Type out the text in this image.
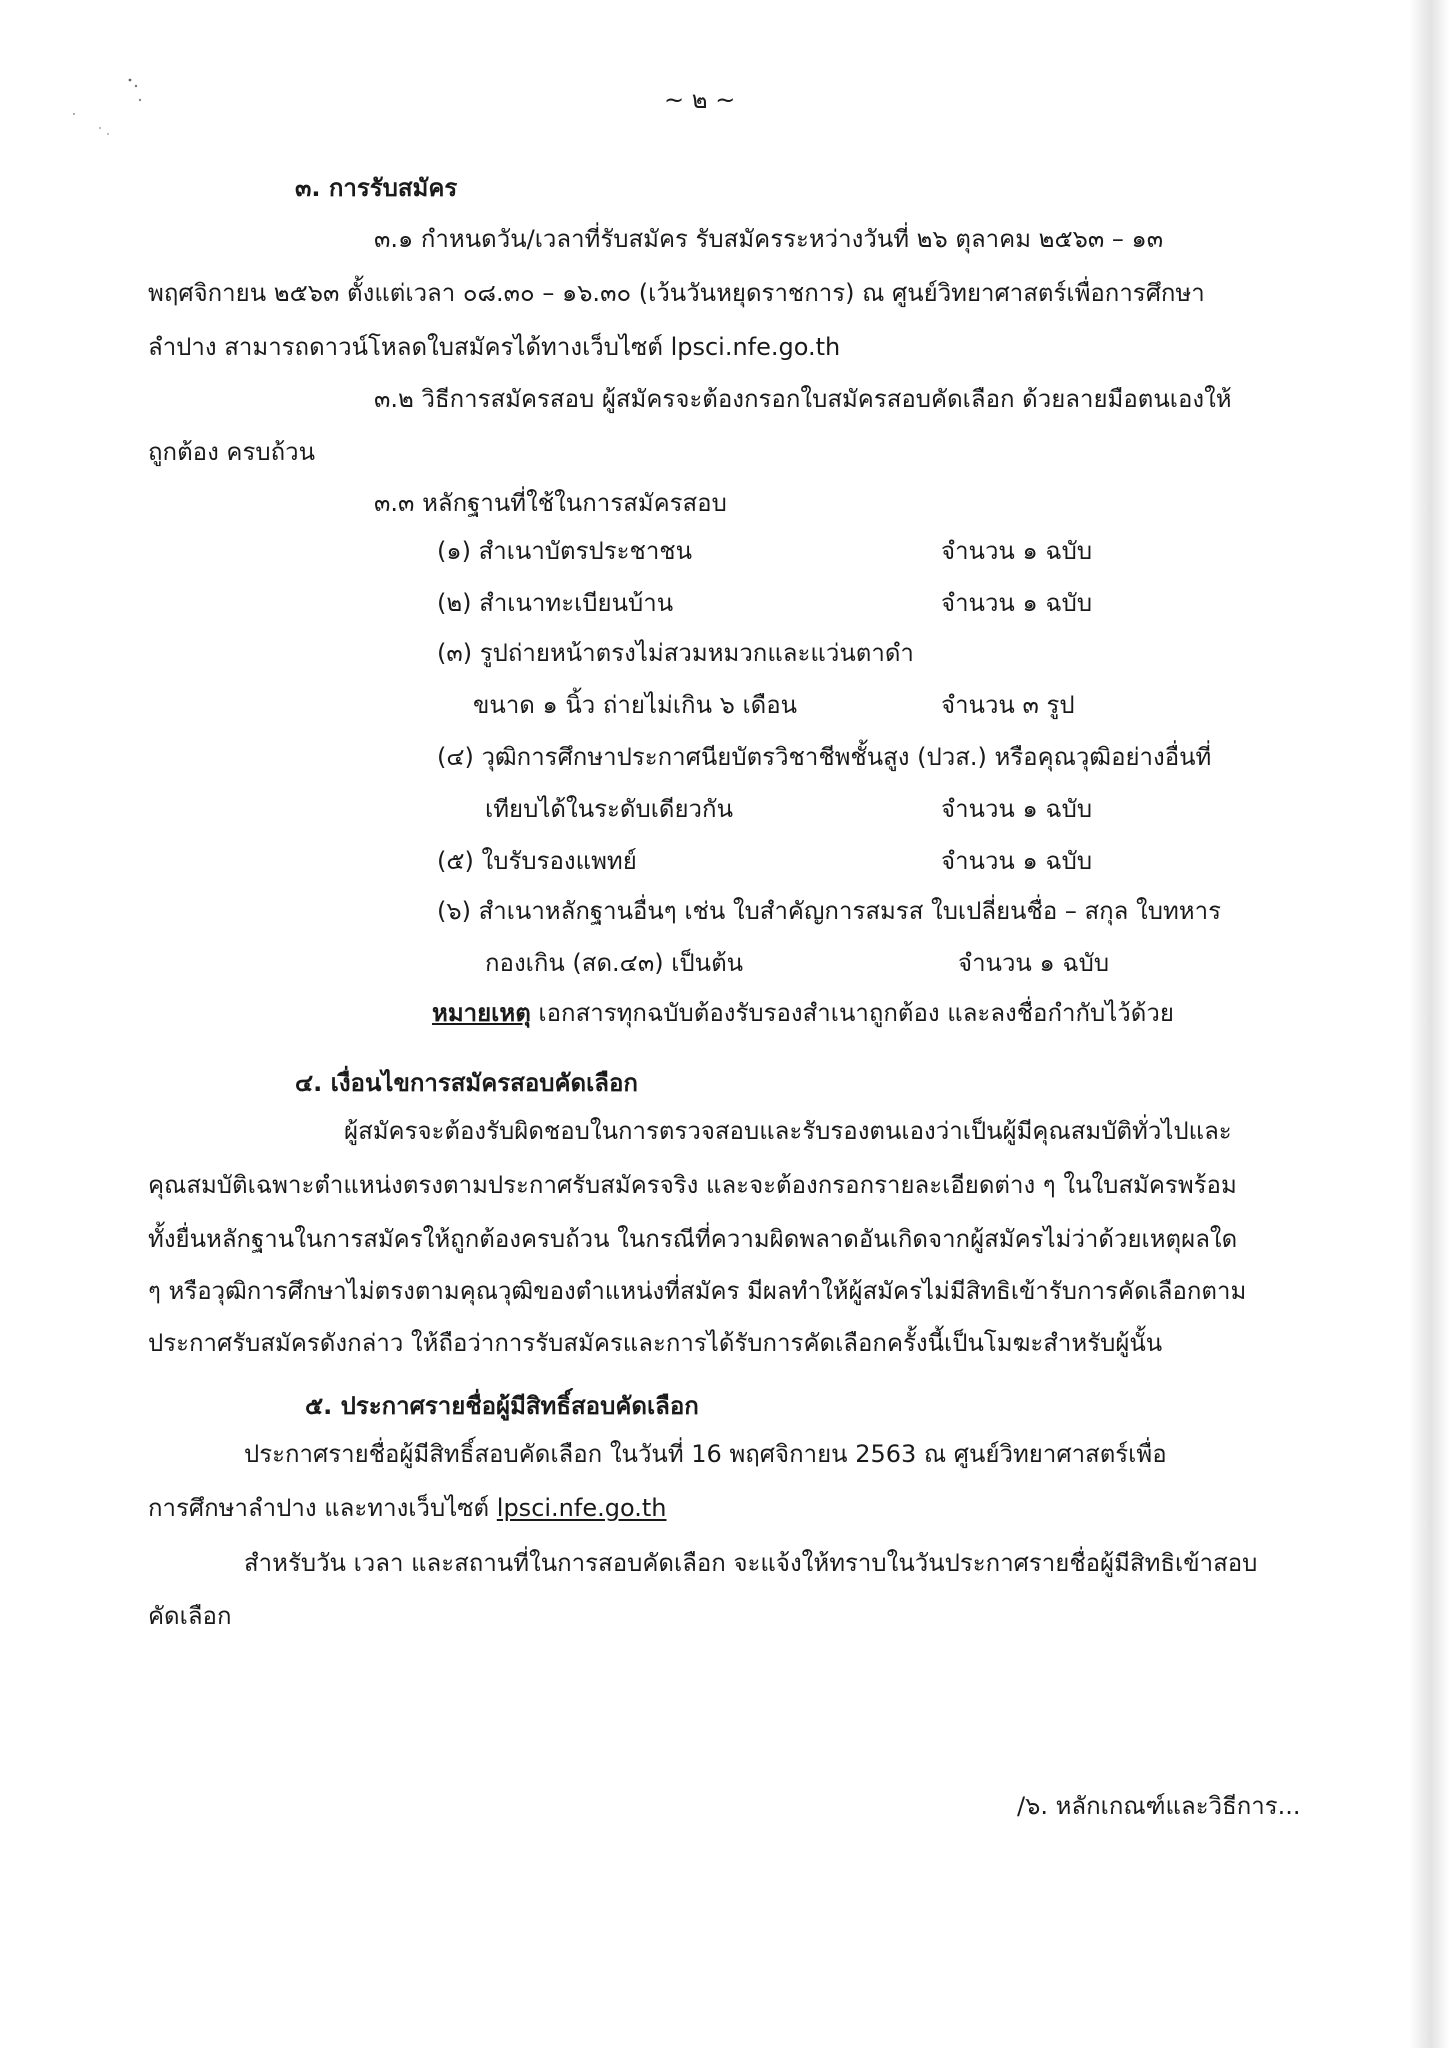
~ ๒ ~
๓. การรับสมัคร
๓.๑ กำหนดวัน/เวลาที่รับสมัคร รับสมัครระหว่างวันที่ ๒๖ ตุลาคม ๒๕๖๓ – ๑๓
พฤศจิกายน ๒๕๖๓ ตั้งแต่เวลา ๐๘.๓๐ – ๑๖.๓๐ (เว้นวันหยุดราชการ) ณ ศูนย์วิทยาศาสตร์เพื่อการศึกษา
ลำปาง สามารถดาวน์โหลดใบสมัครได้ทางเว็บไซต์ lpsci.nfe.go.th
๓.๒ วิธีการสมัครสอบ ผู้สมัครจะต้องกรอกใบสมัครสอบคัดเลือก ด้วยลายมือตนเองให้
ถูกต้อง ครบถ้วน
๓.๓ หลักฐานที่ใช้ในการสมัครสอบ
(๑) สำเนาบัตรประชาชน	จำนวน ๑ ฉบับ
(๒) สำเนาทะเบียนบ้าน	จำนวน ๑ ฉบับ
(๓) รูปถ่ายหน้าตรงไม่สวมหมวกและแว่นตาดำ
ขนาด ๑ นิ้ว ถ่ายไม่เกิน ๖ เดือน	จำนวน ๓ รูป
(๔) วุฒิการศึกษาประกาศนียบัตรวิชาชีพชั้นสูง (ปวส.) หรือคุณวุฒิอย่างอื่นที่
เทียบได้ในระดับเดียวกัน	จำนวน ๑ ฉบับ
(๕) ใบรับรองแพทย์	จำนวน ๑ ฉบับ
(๖) สำเนาหลักฐานอื่นๆ เช่น ใบสำคัญการสมรส ใบเปลี่ยนชื่อ – สกุล ใบทหาร
กองเกิน (สด.๔๓) เป็นต้น	จำนวน ๑ ฉบับ
หมายเหตุ เอกสารทุกฉบับต้องรับรองสำเนาถูกต้อง และลงชื่อกำกับไว้ด้วย
๔. เงื่อนไขการสมัครสอบคัดเลือก
ผู้สมัครจะต้องรับผิดชอบในการตรวจสอบและรับรองตนเองว่าเป็นผู้มีคุณสมบัติทั่วไปและ
คุณสมบัติเฉพาะตำแหน่งตรงตามประกาศรับสมัครจริง และจะต้องกรอกรายละเอียดต่าง ๆ ในใบสมัครพร้อม
ทั้งยื่นหลักฐานในการสมัครให้ถูกต้องครบถ้วน ในกรณีที่ความผิดพลาดอันเกิดจากผู้สมัครไม่ว่าด้วยเหตุผลใด
ๆ หรือวุฒิการศึกษาไม่ตรงตามคุณวุฒิของตำแหน่งที่สมัคร มีผลทำให้ผู้สมัครไม่มีสิทธิเข้ารับการคัดเลือกตาม
ประกาศรับสมัครดังกล่าว ให้ถือว่าการรับสมัครและการได้รับการคัดเลือกครั้งนี้เป็นโมฆะสำหรับผู้นั้น
๕. ประกาศรายชื่อผู้มีสิทธิ์สอบคัดเลือก
ประกาศรายชื่อผู้มีสิทธิ์สอบคัดเลือก ในวันที่ 16 พฤศจิกายน 2563 ณ ศูนย์วิทยาศาสตร์เพื่อ
การศึกษาลำปาง และทางเว็บไซต์ lpsci.nfe.go.th
สำหรับวัน เวลา และสถานที่ในการสอบคัดเลือก จะแจ้งให้ทราบในวันประกาศรายชื่อผู้มีสิทธิเข้าสอบ
คัดเลือก
/๖. หลักเกณฑ์และวิธีการ...
